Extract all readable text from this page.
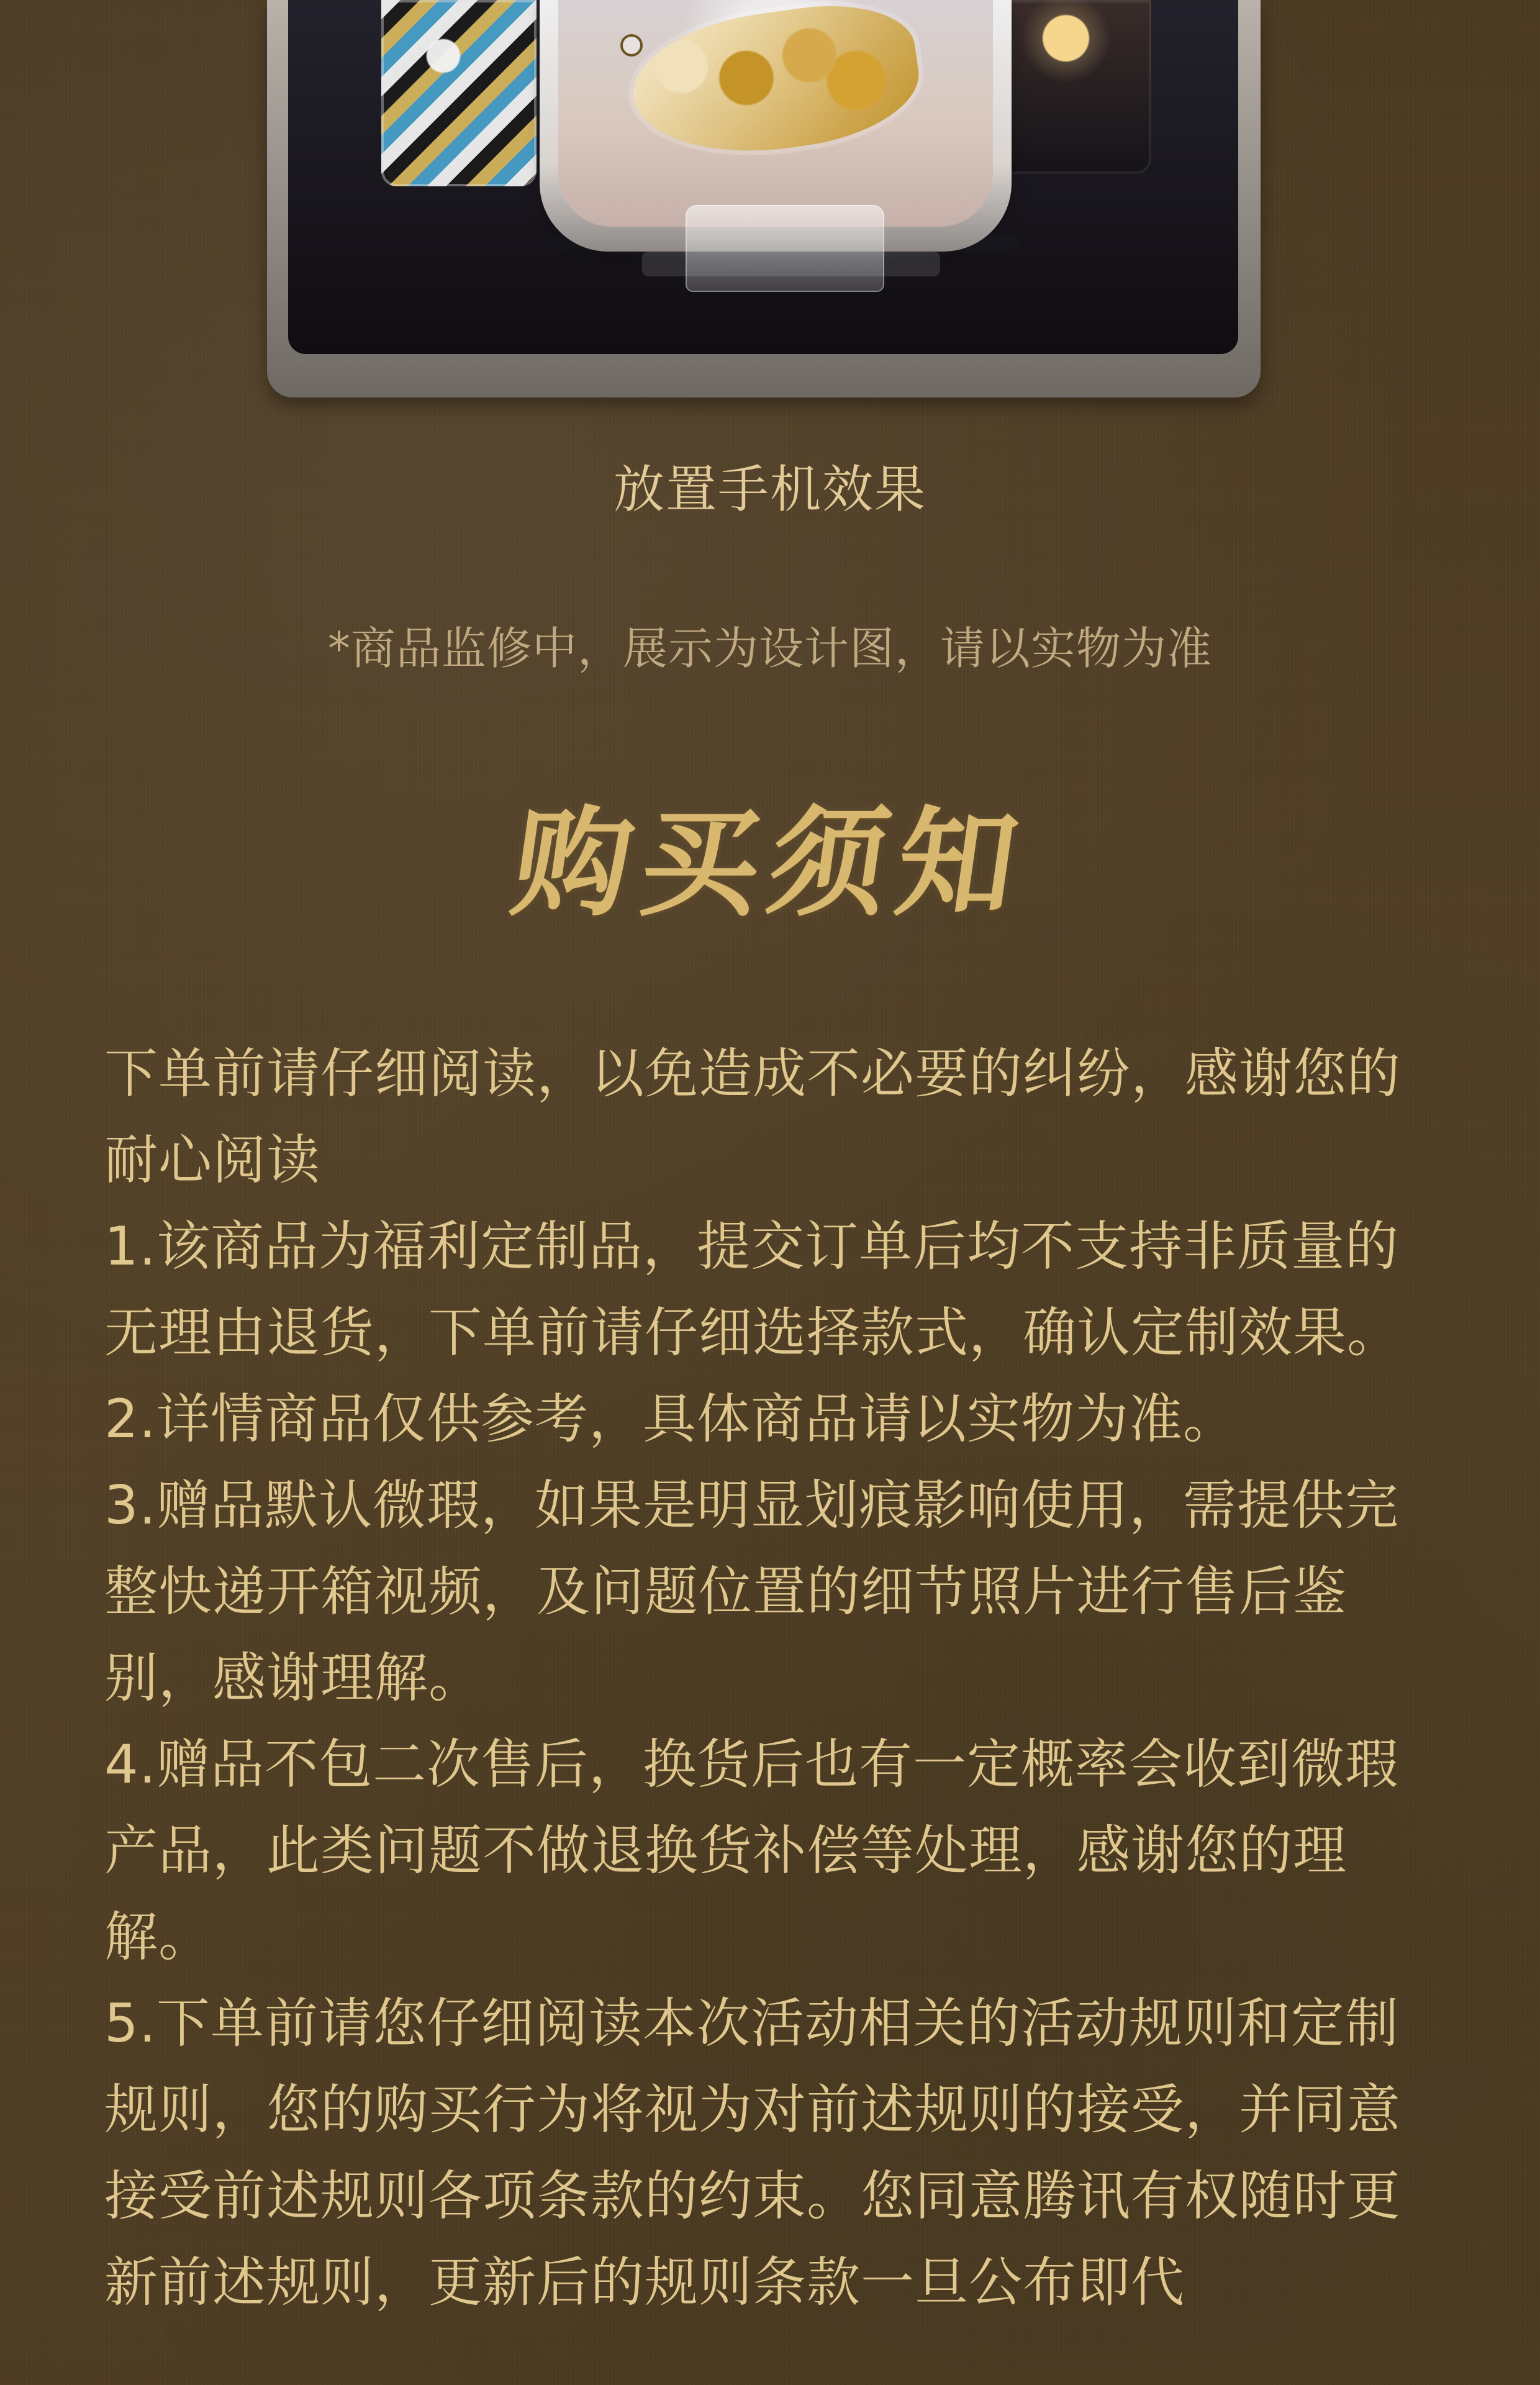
放置手机效果
*商品监修中，展示为设计图，请以实物为准
购买须知

下单前请仔细阅读，以免造成不必要的纠纷，感谢您的耐心阅读

1.该商品为福利定制品，提交订单后均不支持非质量的无理由退货，下单前请仔细选择款式，确认定制效果。

2.详情商品仅供参考，具体商品请以实物为准。

3.赠品默认微瑕，如果是明显划痕影响使用，需提供完整快递开箱视频，及问题位置的细节照片进行售后鉴别，感谢理解。

4.赠品不包二次售后，换货后也有一定概率会收到微瑕产品，此类问题不做退换货补偿等处理，感谢您的理解。

5.下单前请您仔细阅读本次活动相关的活动规则和定制规则，您的购买行为将视为对前述规则的接受，并同意接受前述规则各项条款的约束。您同意腾讯有权随时更新前述规则，更新后的规则条款一旦公布即代
